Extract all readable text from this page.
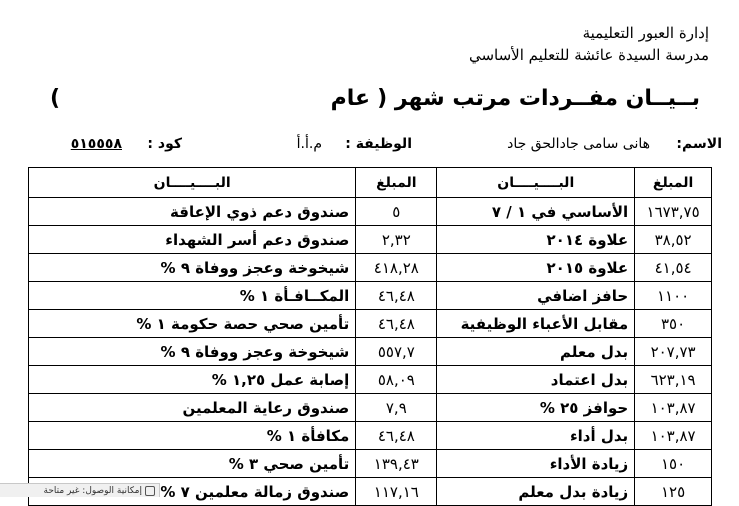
إدارة العبور التعليمية
مدرسة السيدة عائشة للتعليم الأساسي
بــيــان مفــردات مرتب شهر (
عام
)
الاسم:
هانى سامى جادالحق جاد
الوظيفة :
م.أ.أ
كود :
٥١٥٥٥٨
المبلغ	البــــيــــان	المبلغ	البــــيــــان
١٦٧٣,٧٥	الأساسي في ١ / ٧	٥	صندوق دعم ذوي الإعاقة
٣٨,٥٢	علاوة ٢٠١٤	٢,٣٢	صندوق دعم أسر الشهداء
٤١,٥٤	علاوة ٢٠١٥	٤١٨,٢٨	شيخوخة وعجز ووفاة ٩ %
١١٠٠	حافز اضافي	٤٦,٤٨	المكــافـأة ١ %
٣٥٠	مقابل الأعباء الوظيفية	٤٦,٤٨	تأمين صحي حصة حكومة ١ %
٢٠٧,٧٣	بدل معلم	٥٥٧,٧	شيخوخة وعجز ووفاة ٩ %
٦٢٣,١٩	بدل اعتماد	٥٨,٠٩	إصابة عمل ١,٢٥ %
١٠٣,٨٧	حوافز ٢٥ %	٧,٩	صندوق رعاية المعلمين
١٠٣,٨٧	بدل أداء	٤٦,٤٨	مكافأة ١ %
١٥٠	زيادة الأداء	١٣٩,٤٣	تأمين صحي ٣ %
١٢٥	زيادة بدل معلم	١١٧,١٦	صندوق زمالة معلمين ٧ %
إمكانية الوصول: غير متاحة
